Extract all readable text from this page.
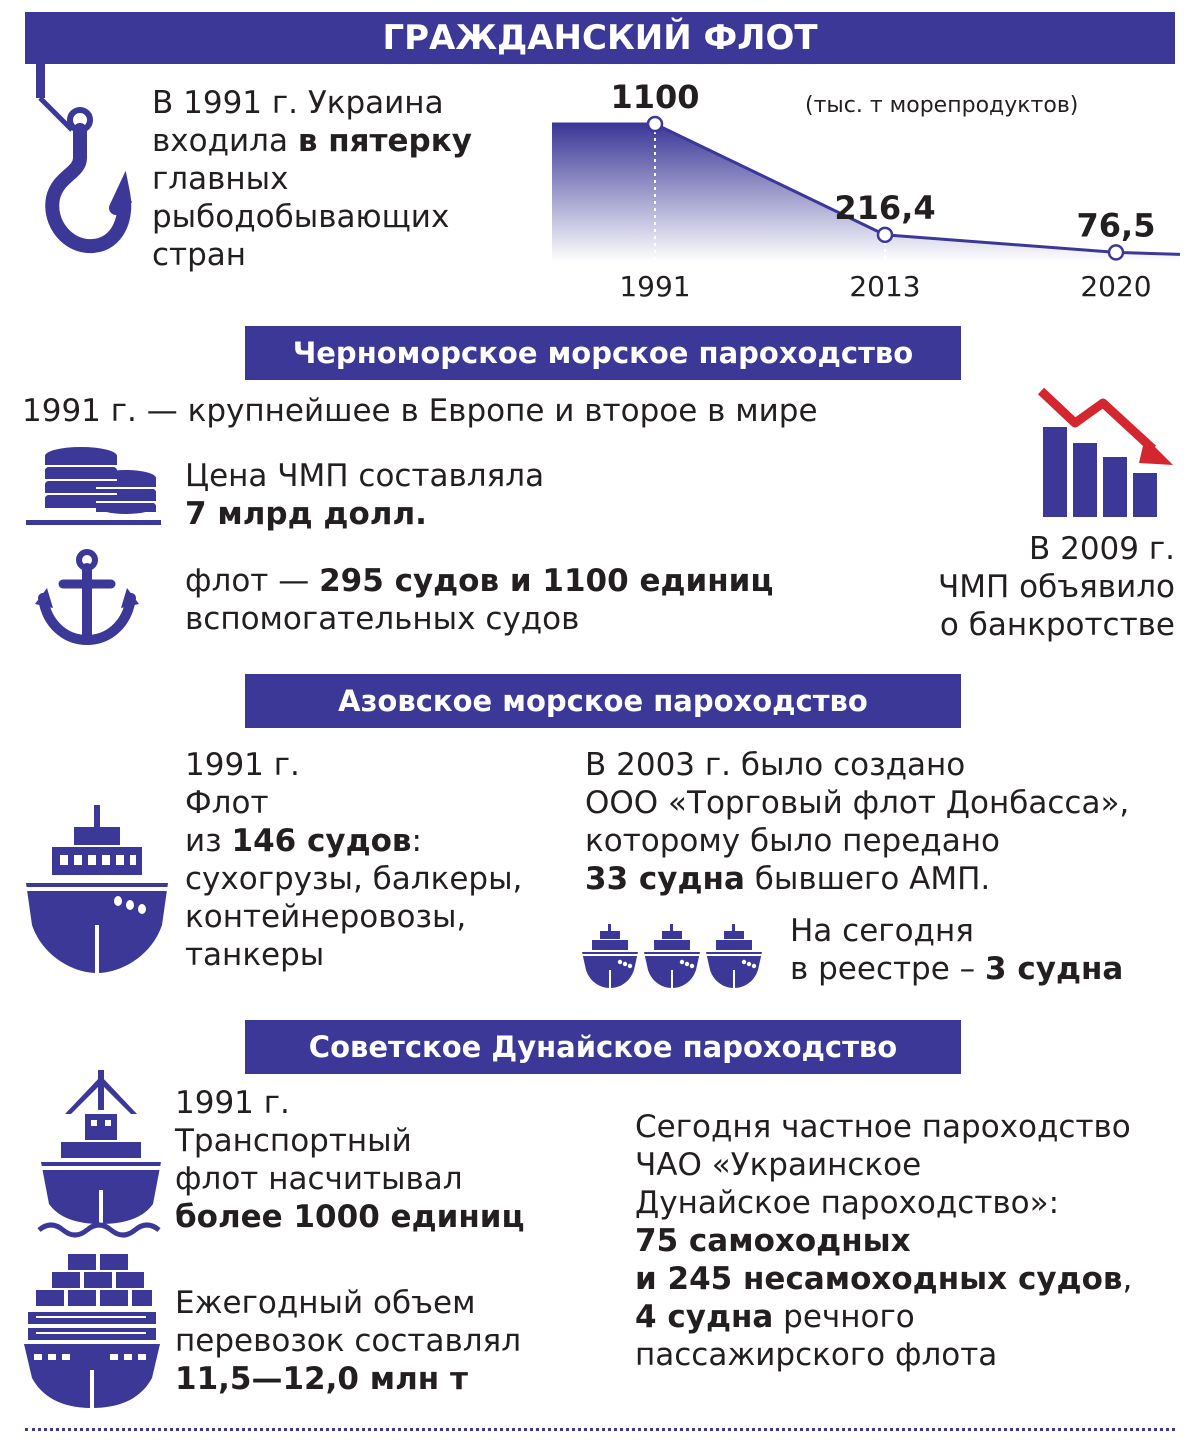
ГРАЖДАНСКИЙ ФЛОТ
В 1991 г. Украина
входила в пятерку
главных
рыбодобывающих
стран
1100
1991
216,4
2013
76,5
2020
(тыс. т морепродуктов)
Черноморское морское пароходство
1991 г. — крупнейшее в Европе и второе в мире
Цена ЧМП составляла
7 млрд долл.
флот — 295 судов и 1100 единиц
вспомогательных судов
В 2009 г.
ЧМП объявило
о банкротстве
Азовское морское пароходство
1991 г.
Флот
из 146 судов:
сухогрузы, балкеры,
контейнеровозы,
танкеры
В 2003 г. было создано
ООО «Торговый флот Донбасса»,
которому было передано
33 судна бывшего АМП.
На сегодня
в реестре – 3 судна
Советское Дунайское пароходство
1991 г.
Транспортный
флот насчитывал
более 1000 единиц
Ежегодный объем
перевозок составлял
11,5—12,0 млн т
Сегодня частное пароходство
ЧАО «Украинское
Дунайское пароходство»:
75 самоходных
и 245 несамоходных судов,
4 судна речного
пассажирского флота
